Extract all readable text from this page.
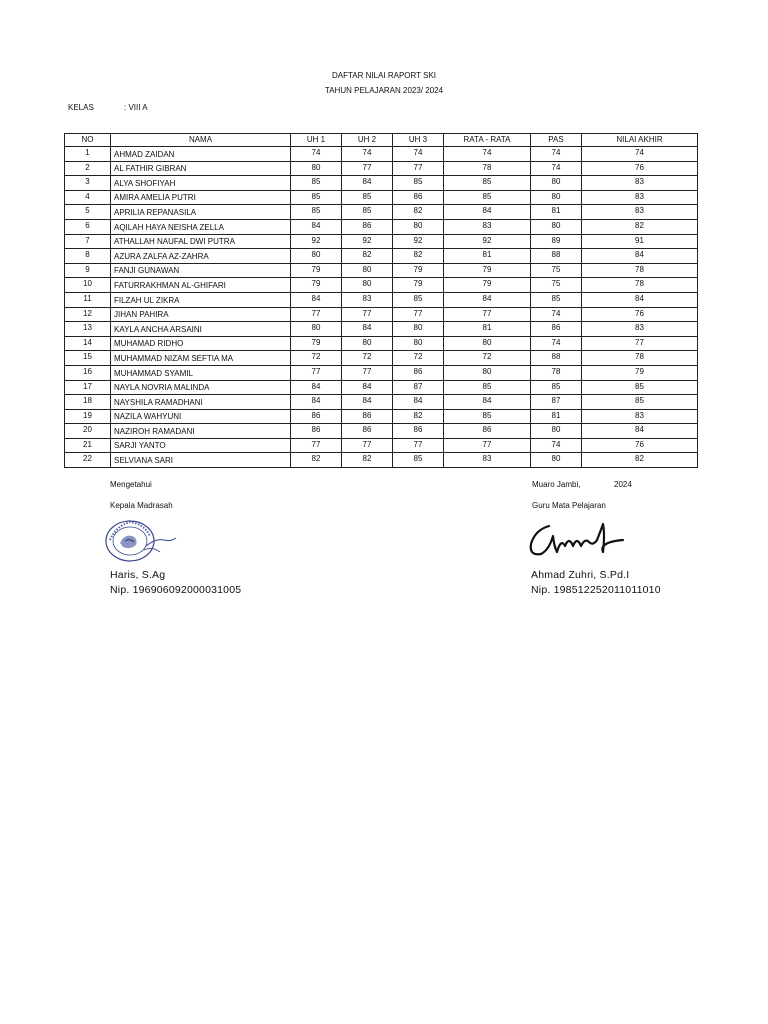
DAFTAR NILAI RAPORT SKI
TAHUN PELAJARAN 2023/ 2024
KELAS	: VIII A
NO	NAMA	UH 1	UH 2	UH 3	RATA - RATA	PAS	NILAI AKHIR
1	AHMAD ZAIDAN	74	74	74	74	74	74
2	AL FATHIR GIBRAN	80	77	77	78	74	76
3	ALYA SHOFIYAH	85	84	85	85	80	83
4	AMIRA AMELIA PUTRI	85	85	86	85	80	83
5	APRILIA REPANASILA	85	85	82	84	81	83
6	AQILAH HAYA NEISHA ZELLA	84	86	80	83	80	82
7	ATHALLAH NAUFAL DWI PUTRA	92	92	92	92	89	91
8	AZURA ZALFA AZ-ZAHRA	80	82	82	81	88	84
9	FANJI GUNAWAN	79	80	79	79	75	78
10	FATURRAKHMAN AL-GHIFARI	79	80	79	79	75	78
11	FILZAH UL ZIKRA	84	83	85	84	85	84
12	JIHAN PAHIRA	77	77	77	77	74	76
13	KAYLA ANCHA ARSAINI	80	84	80	81	86	83
14	MUHAMAD RIDHO	79	80	80	80	74	77
15	MUHAMMAD NIZAM SEFTIA MA	72	72	72	72	88	78
16	MUHAMMAD SYAMIL	77	77	86	80	78	79
17	NAYLA NOVRIA MALINDA	84	84	87	85	85	85
18	NAYSHILA RAMADHANI	84	84	84	84	87	85
19	NAZILA WAHYUNI	86	86	82	85	81	83
20	NAZIROH RAMADANI	86	86	86	86	80	84
21	SARJI YANTO	77	77	77	77	74	76
22	SELVIANA SARI	82	82	85	83	80	82
Mengetahui
Kepala Madrasah
Haris, S.Ag
Nip. 196906092000031005
Muaro Jambi,	2024
Guru Mata Pelajaran
Ahmad Zuhri, S.Pd.I
Nip. 198512252011011010
